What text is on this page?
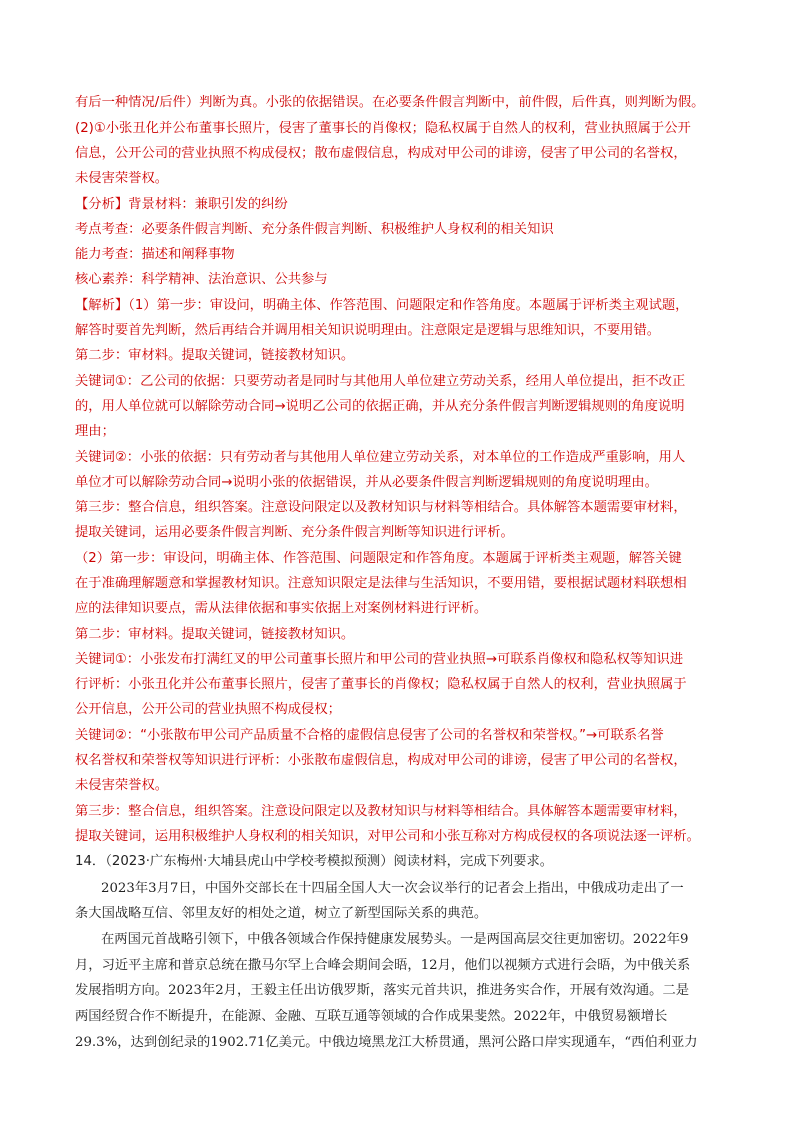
有后一种情况/后件）判断为真。小张的依据错误。在必要条件假言判断中，前件假，后件真，则判断为假。

(2)①小张丑化并公布董事长照片，侵害了董事长的肖像权；隐私权属于自然人的权利，营业执照属于公开

信息，公开公司的营业执照不构成侵权；散布虚假信息，构成对甲公司的诽谤，侵害了甲公司的名誉权，

未侵害荣誉权。

【分析】背景材料：兼职引发的纠纷

考点考查：必要条件假言判断、充分条件假言判断、积极维护人身权利的相关知识

能力考查：描述和阐释事物

核心素养：科学精神、法治意识、公共参与

【解析】（1）第一步：审设问，明确主体、作答范围、问题限定和作答角度。本题属于评析类主观试题，

解答时要首先判断，然后再结合并调用相关知识说明理由。注意限定是逻辑与思维知识，不要用错。

第二步：审材料。提取关键词，链接教材知识。

关键词①：乙公司的依据：只要劳动者是同时与其他用人单位建立劳动关系，经用人单位提出，拒不改正

的，用人单位就可以解除劳动合同→说明乙公司的依据正确，并从充分条件假言判断逻辑规则的角度说明

理由；

关键词②：小张的依据：只有劳动者与其他用人单位建立劳动关系，对本单位的工作造成严重影响，用人

单位才可以解除劳动合同→说明小张的依据错误，并从必要条件假言判断逻辑规则的角度说明理由。

第三步：整合信息，组织答案。注意设问限定以及教材知识与材料等相结合。具体解答本题需要审材料，

提取关键词，运用必要条件假言判断、充分条件假言判断等知识进行评析。

（2）第一步：审设问，明确主体、作答范围、问题限定和作答角度。本题属于评析类主观题，解答关键

在于准确理解题意和掌握教材知识。注意知识限定是法律与生活知识，不要用错，要根据试题材料联想相

应的法律知识要点，需从法律依据和事实依据上对案例材料进行评析。

第二步：审材料。提取关键词，链接教材知识。

关键词①：小张发布打满红叉的甲公司董事长照片和甲公司的营业执照→可联系肖像权和隐私权等知识进

行评析：小张丑化并公布董事长照片，侵害了董事长的肖像权；隐私权属于自然人的权利，营业执照属于

公开信息，公开公司的营业执照不构成侵权；

关键词②：“小张散布甲公司产品质量不合格的虚假信息侵害了公司的名誉权和荣誉权。”→可联系名誉

权名誉权和荣誉权等知识进行评析：小张散布虚假信息，构成对甲公司的诽谤，侵害了甲公司的名誉权，

未侵害荣誉权。

第三步：整合信息，组织答案。注意设问限定以及教材知识与材料等相结合。具体解答本题需要审材料，

提取关键词，运用积极维护人身权利的相关知识，对甲公司和小张互称对方构成侵权的各项说法逐一评析。

14．（2023·广东梅州·大埔县虎山中学校考模拟预测）阅读材料，完成下列要求。

2023年3月7日，中国外交部长在十四届全国人大一次会议举行的记者会上指出，中俄成功走出了一

条大国战略互信、邻里友好的相处之道，树立了新型国际关系的典范。

在两国元首战略引领下，中俄各领域合作保持健康发展势头。一是两国高层交往更加密切。2022年9

月，习近平主席和普京总统在撒马尔罕上合峰会期间会晤，12月，他们以视频方式进行会晤，为中俄关系

发展指明方向。2023年2月，王毅主任出访俄罗斯，落实元首共识，推进务实合作，开展有效沟通。二是

两国经贸合作不断提升，在能源、金融、互联互通等领域的合作成果斐然。2022年，中俄贸易额增长

29.3%，达到创纪录的1902.71亿美元。中俄边境黑龙江大桥贯通，黑河公路口岸实现通车，“西伯利亚力
